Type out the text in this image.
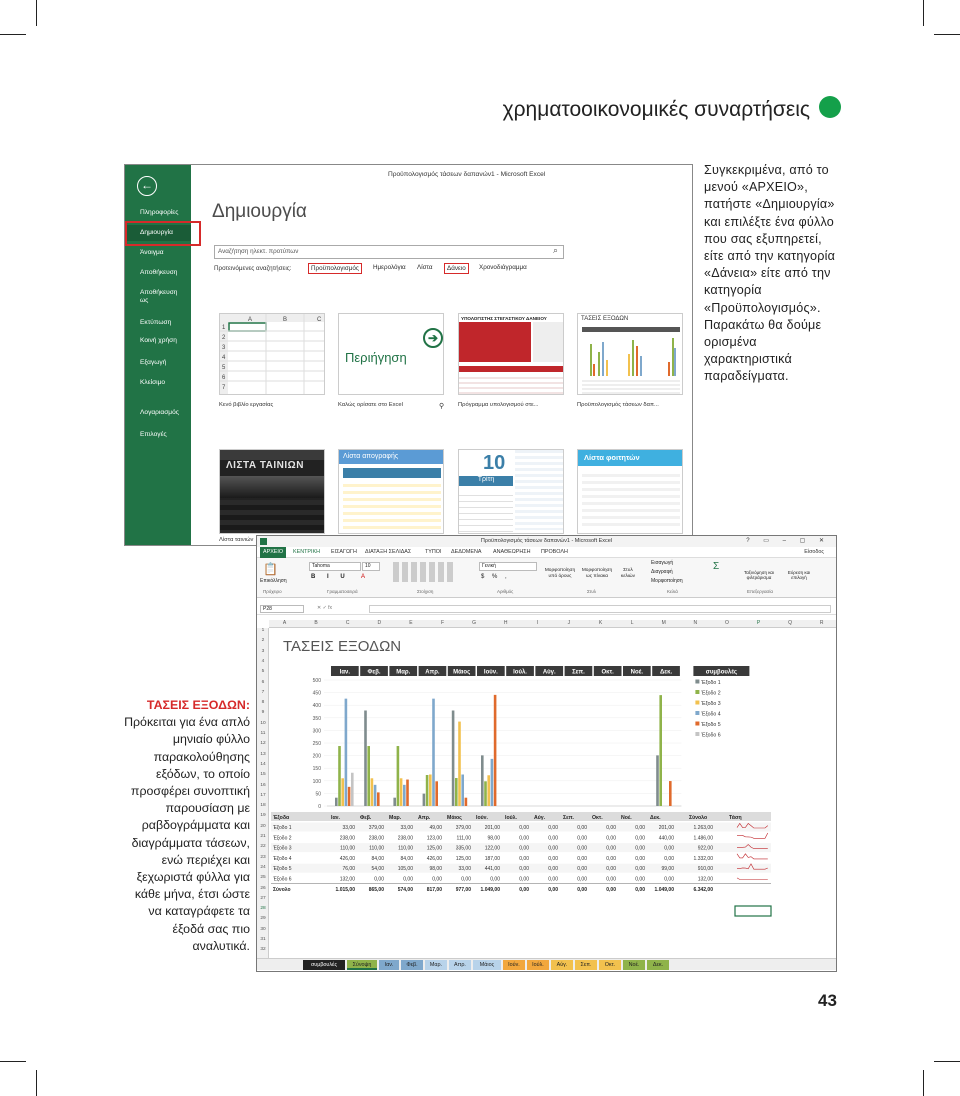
χρηματοοικονομικές συναρτήσεις
Συγκεκριμένα, από το μενού «ΑΡΧΕΙΟ», πατήστε «Δημιουργία» και επιλέξτε ένα φύλλο που σας εξυπηρετεί, είτε από την κατηγορία «Δάνεια» είτε από την κατηγορία «Προϋπολογισμός». Παρακάτω θα δούμε ορισμένα χαρακτηριστικά παραδείγματα.
ΤΑΣΕΙΣ ΕΞΟΔΩΝ:
Πρόκειται για ένα απλό μηνιαίο φύλλο παρακολούθησης εξόδων, το οποίο προσφέρει συνοπτική παρουσίαση με ραβδογράμματα και διαγράμματα τάσεων, ενώ περιέχει και ξεχωριστά φύλλα για κάθε μήνα, έτσι ώστε να καταγράφετε τα έξοδά σας πιο αναλυτικά.
43
←
Πληροφορίες
Δημιουργία
Άνοιγμα
Αποθήκευση
Αποθήκευση ως
Εκτύπωση
Κοινή χρήση
Εξαγωγή
Κλείσιμο
Λογαριασμός
Επιλογές
Προϋπολογισμός τάσεων δαπανών1 - Microsoft Excel
Δημιουργία
Αναζήτηση ηλεκτ. προτύπων	⌕
Προτεινόμενες αναζητήσεις:	Προϋπολογισμός	Ημερολόγια	Λίστα	Δάνειο	Χρονοδιάγραμμα
A	B	C
1
2
3
4
5
6
7
Κενό βιβλίο εργασίας
Περιήγηση
➔
Καλώς ορίσατε στο Excel	⚲
ΥΠΟΛΟΓΙΣΤΗΣ ΣΤΕΓΑΣΤΙΚΟΥ ΔΑΝΕΙΟΥ
Πρόγραμμα υπολογισμού στε...
ΤΑΣΕΙΣ ΕΞΟΔΩΝ
Προϋπολογισμός τάσεων δαπ...
ΛΙΣΤΑ ΤΑΙΝΙΩΝ
Λίστα ταινιών
Λίστα απογραφής	10
Τρίτη
Λίστα φοιτητών
Προϋπολογισμός τάσεων δαπανών1 - Microsoft Excel	? ▭ – ▢ ✕
ΑΡΧΕΙΟ	ΚΕΝΤΡΙΚΗ ΕΙΣΑΓΩΓΗ ΔΙΑΤΑΞΗ ΣΕΛΙΔΑΣ	ΤΥΠΟΙ ΔΕΔΟΜΕΝΑ ΑΝΑΘΕΩΡΗΣΗ ΠΡΟΒΟΛΗ	Είσοδος
📋
Επικόλληση
Πρόχειρο
Tahoma	10
B I U A
Γραμματοσειρά	Στοίχιση
Γενική
$ % ,
Αριθμός
Μορφοποίηση υπό όρους
Μορφοποίηση ως πίνακα
Στυλ κελιών
Στυλ
Εισαγωγή
Διαγραφή
Μορφοποίηση
Κελιά
Σ
Ταξινόμηση και φιλτράρισμα
Εύρεση και επιλογή
Επεξεργασία
P28	✕ ✓ fx
A	B	C	D	E	F	G	H	I	J	K	L	M	N	O	P	Q	R
1
2
3
4
5
6
7
8
9
10
11
12
13
14
15
16
17
18
19
20
21
22
23
24
25
26
27
28
29
30
31
32
ΤΑΣΕΙΣ ΕΞΟΔΩΝ
Ιαν.	Φεβ.	Μαρ.	Απρ. Μάιος Ιούν.	Ιούλ.	Αύγ.	Σεπ.	Οκτ.	Νοέ.	Δεκ.
500
450
400
350
300
250
200
150
100
50
0
συμβουλές
Έξοδο 1
Έξοδο 2
Έξοδο 3
Έξοδο 4
Έξοδο 5
Έξοδο 6
Έξοδα	Ιαν.	Φεβ.	Μαρ.	Απρ.	Μάιος	Ιούν.	Ιούλ.	Αύγ.	Σεπ.	Οκτ.	Νοέ.	Δεκ.	Σύνολο	Τάση
Έξοδο 1	33,00	379,00	33,00	49,00	379,00	201,00	0,00	0,00	0,00	0,00	0,00	201,00	1.263,00
Έξοδο 2	238,00	238,00	238,00	123,00	111,00	98,00	0,00	0,00	0,00	0,00	0,00	440,00	1.486,00
Έξοδο 3	110,00	110,00	110,00	125,00	335,00	122,00	0,00	0,00	0,00	0,00	0,00	0,00	922,00
Έξοδο 4	426,00	84,00	84,00	426,00	125,00	187,00	0,00	0,00	0,00	0,00	0,00	0,00	1.332,00
Έξοδο 5	76,00	54,00	105,00	98,00	33,00	441,00	0,00	0,00	0,00	0,00	0,00	99,00	910,00
Έξοδο 6	132,00	0,00	0,00	0,00	0,00	0,00	0,00	0,00	0,00	0,00	0,00	0,00	132,00
Σύνολο	1.015,00	865,00	574,00	817,00	977,00 1.049,00	0,00	0,00	0,00	0,00	0,00 1.049,00	6.342,00
συμβουλές	Σύνοψη	Ιαν.	Φεβ.	Μαρ.	Απρ.	Μάιος	Ιούν.	Ιούλ.	Αύγ.	Σεπ.	Οκτ.	Νοέ.	Δεκ.
